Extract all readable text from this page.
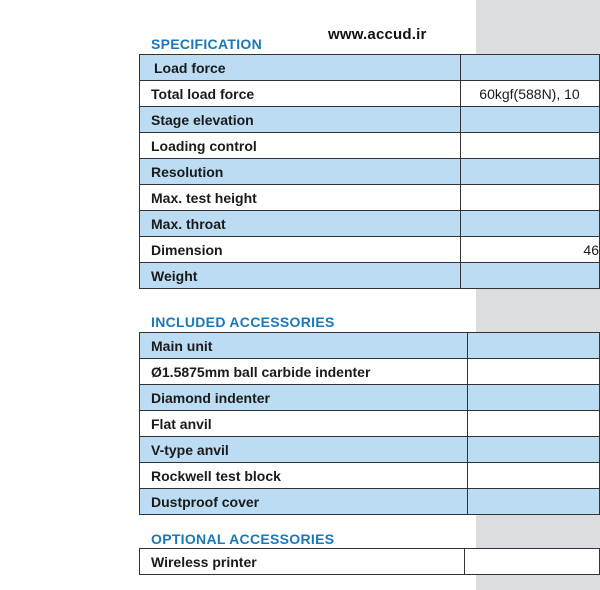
SPECIFICATION
www.accud.ir
Load force	
Total load force	60kgf(588N), 10
Stage elevation	
Loading control	
Resolution	
Max. test height	
Max. throat	
Dimension	46
Weight	
INCLUDED ACCESSORIES
Main unit	
Ø1.5875mm ball carbide indenter	
Diamond indenter	
Flat anvil	
V-type anvil	
Rockwell test block	
Dustproof cover	
OPTIONAL ACCESSORIES
Wireless printer	
